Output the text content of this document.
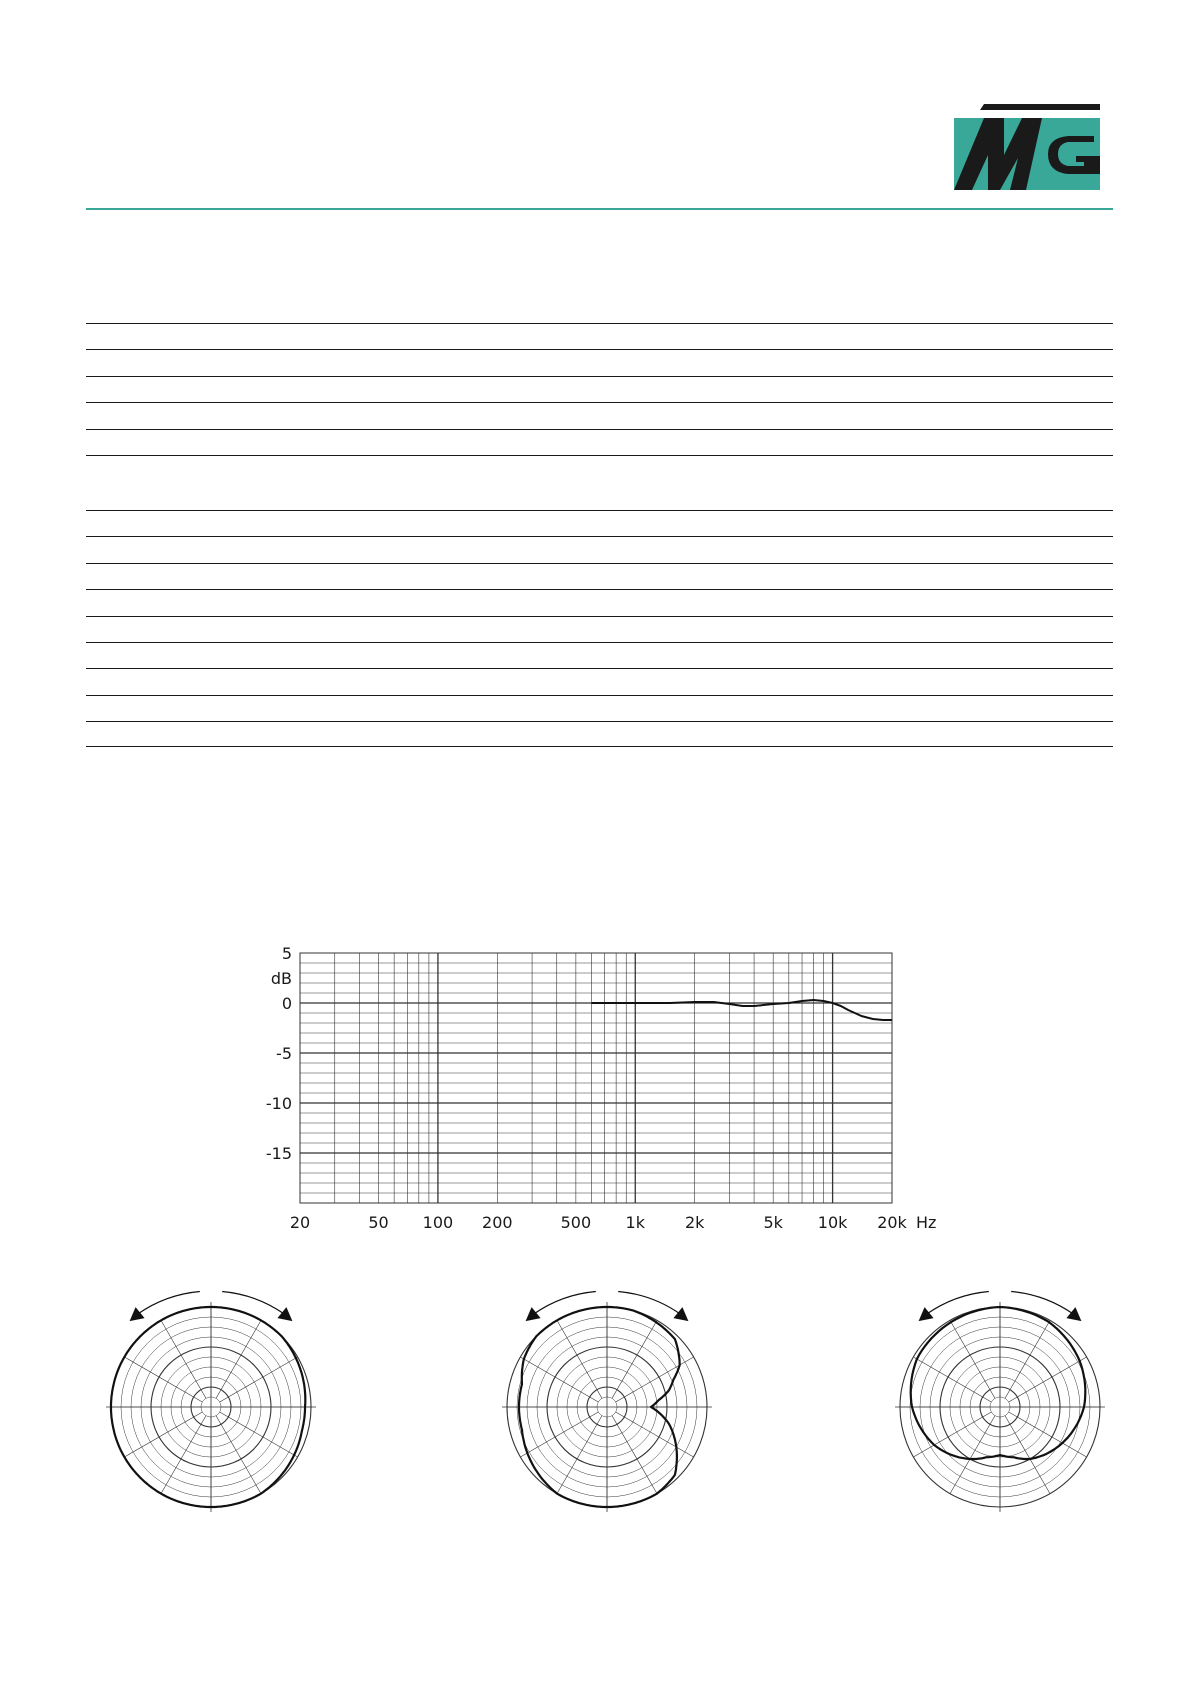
5
0
-5
-10
-15
dB
20	50 100 200	500 1k 2k	5k 10k 20k Hz
